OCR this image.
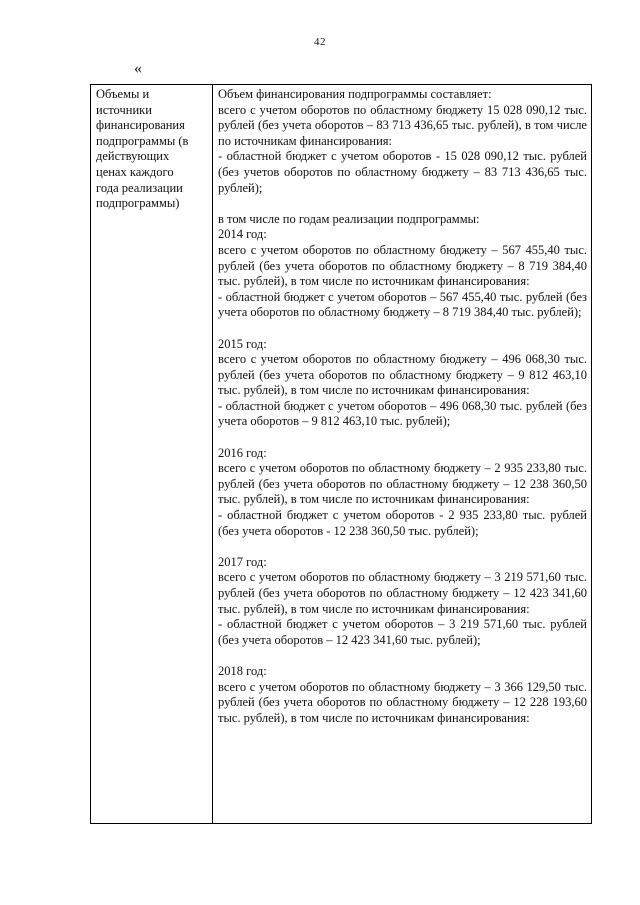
42
«
Объемы и
источники
финансирования
подпрограммы (в
действующих
ценах каждого
года реализации
подпрограммы)

Объем финансирования подпрограммы составляет:

всего с учетом оборотов по областному бюджету 15 028 090,12 тыс. рублей (без учета оборотов – 83 713 436,65 тыс. рублей), в том числе по источникам финансирования:

- областной бюджет с учетом оборотов - 15 028 090,12 тыс. рублей (без учетов оборотов по областному бюджету – 83 713 436,65 тыс. рублей);

в том числе по годам реализации подпрограммы:

2014 год:

всего с учетом оборотов по областному бюджету – 567 455,40 тыс. рублей (без учета оборотов по областному бюджету – 8 719 384,40 тыс. рублей), в том числе по источникам финансирования:

- областной бюджет с учетом оборотов – 567 455,40 тыс. рублей (без учета оборотов по областному бюджету – 8 719 384,40 тыс. рублей);

2015 год:

всего с учетом оборотов по областному бюджету – 496 068,30 тыс. рублей (без учета оборотов по областному бюджету – 9 812 463,10 тыс. рублей), в том числе по источникам финансирования:

- областной бюджет с учетом оборотов – 496 068,30 тыс. рублей (без учета оборотов – 9 812 463,10 тыс. рублей);

2016 год:

всего с учетом оборотов по областному бюджету – 2 935 233,80 тыс. рублей (без учета оборотов по областному бюджету – 12 238 360,50 тыс. рублей), в том числе по источникам финансирования:

- областной бюджет с учетом оборотов - 2 935 233,80 тыс. рублей (без учета оборотов - 12 238 360,50 тыс. рублей);

2017 год:

всего с учетом оборотов по областному бюджету – 3 219 571,60 тыс. рублей (без учета оборотов по областному бюджету – 12 423 341,60 тыс. рублей), в том числе по источникам финансирования:

- областной бюджет с учетом оборотов – 3 219 571,60 тыс. рублей (без учета оборотов – 12 423 341,60 тыс. рублей);

2018 год:

всего с учетом оборотов по областному бюджету – 3 366 129,50 тыс. рублей (без учета оборотов по областному бюджету – 12 228 193,60 тыс. рублей), в том числе по источникам финансирования:
